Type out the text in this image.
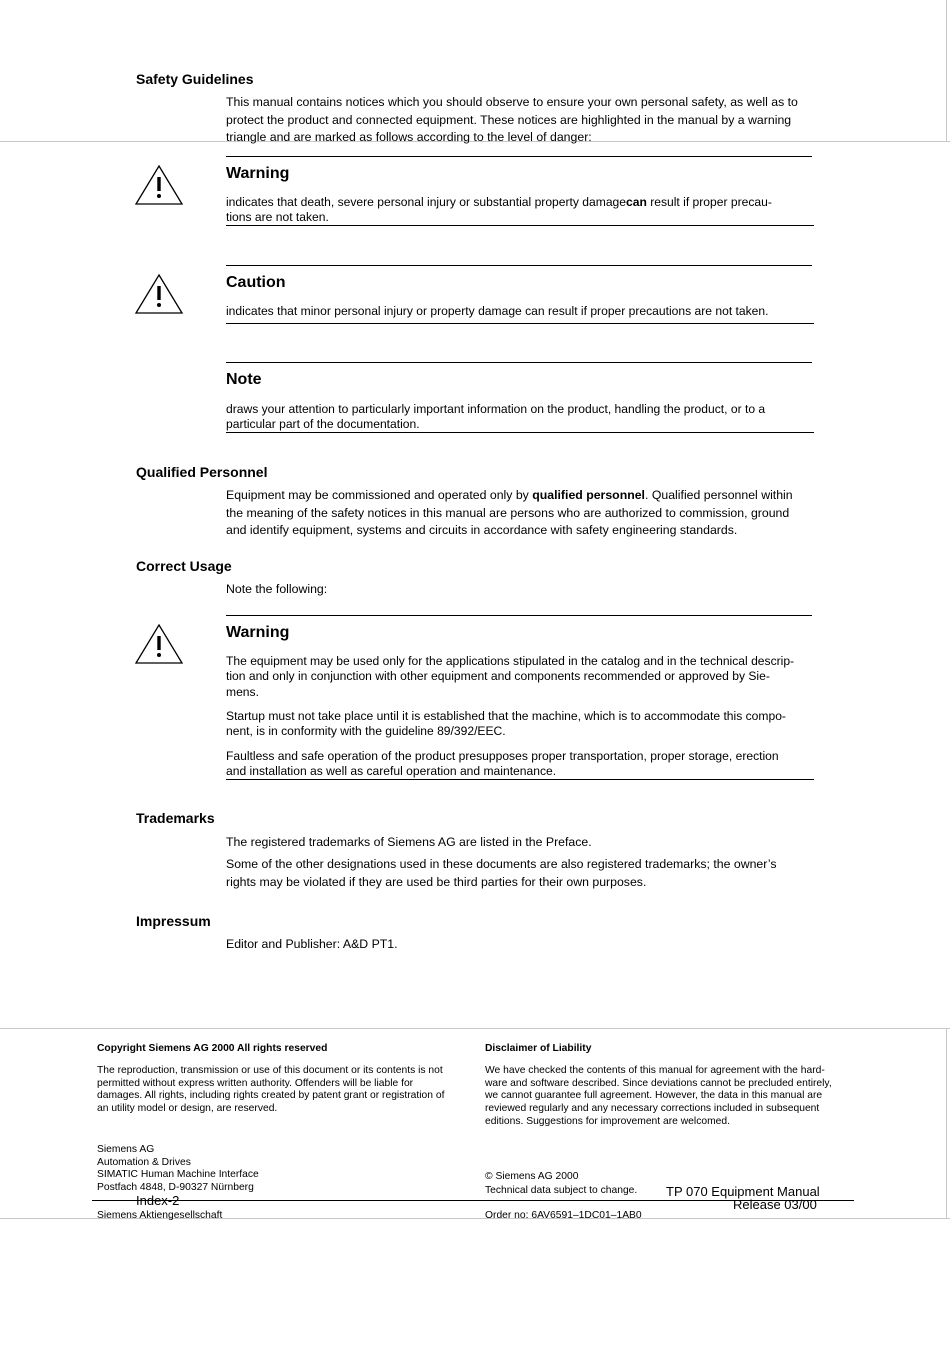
Safety Guidelines
This manual contains notices which you should observe to ensure your own personal safety, as well as to
protect the product and connected equipment. These notices are highlighted in the manual by a warning
triangle and are marked as follows according to the level of danger:
Warning
indicates that death, severe personal injury or substantial property damagecan result if proper precau-
tions are not taken.
Caution
indicates that minor personal injury or property damage can result if proper precautions are not taken.
Note
draws your attention to particularly important information on the product, handling the product, or to a
particular part of the documentation.
Qualified Personnel
Equipment may be commissioned and operated only by qualified personnel. Qualified personnel within
the meaning of the safety notices in this manual are persons who are authorized to commission, ground
and identify equipment, systems and circuits in accordance with safety engineering standards.
Correct Usage
Note the following:
Warning
The equipment may be used only for the applications stipulated in the catalog and in the technical descrip-
tion and only in conjunction with other equipment and components recommended or approved by Sie-
mens.
Startup must not take place until it is established that the machine, which is to accommodate this compo-
nent, is in conformity with the guideline 89/392/EEC.
Faultless and safe operation of the product presupposes proper transportation, proper storage, erection
and installation as well as careful operation and maintenance.
Trademarks
The registered trademarks of Siemens AG are listed in the Preface.
Some of the other designations used in these documents are also registered trademarks; the owner’s
rights may be violated if they are used be third parties for their own purposes.
Impressum
Editor and Publisher: A&D PT1.
Copyright Siemens AG 2000 All rights reserved
The reproduction, transmission or use of this document or its contents is not
permitted without express written authority. Offenders will be liable for
damages. All rights, including rights created by patent grant or registration of
an utility model or design, are reserved.
Disclaimer of Liability
We have checked the contents of this manual for agreement with the hard-
ware and software described. Since deviations cannot be precluded entirely,
we cannot guarantee full agreement. However, the data in this manual are
reviewed regularly and any necessary corrections included in subsequent
editions. Suggestions for improvement are welcomed.
Siemens AG
Automation & Drives
SIMATIC Human Machine Interface
Postfach 4848, D-90327 Nürnberg
Siemens Aktiengesellschaft
© Siemens AG 2000
Technical data subject to change.
Order no: 6AV6591–1DC01–1AB0
Index-2
TP 070 Equipment Manual
Release 03/00
